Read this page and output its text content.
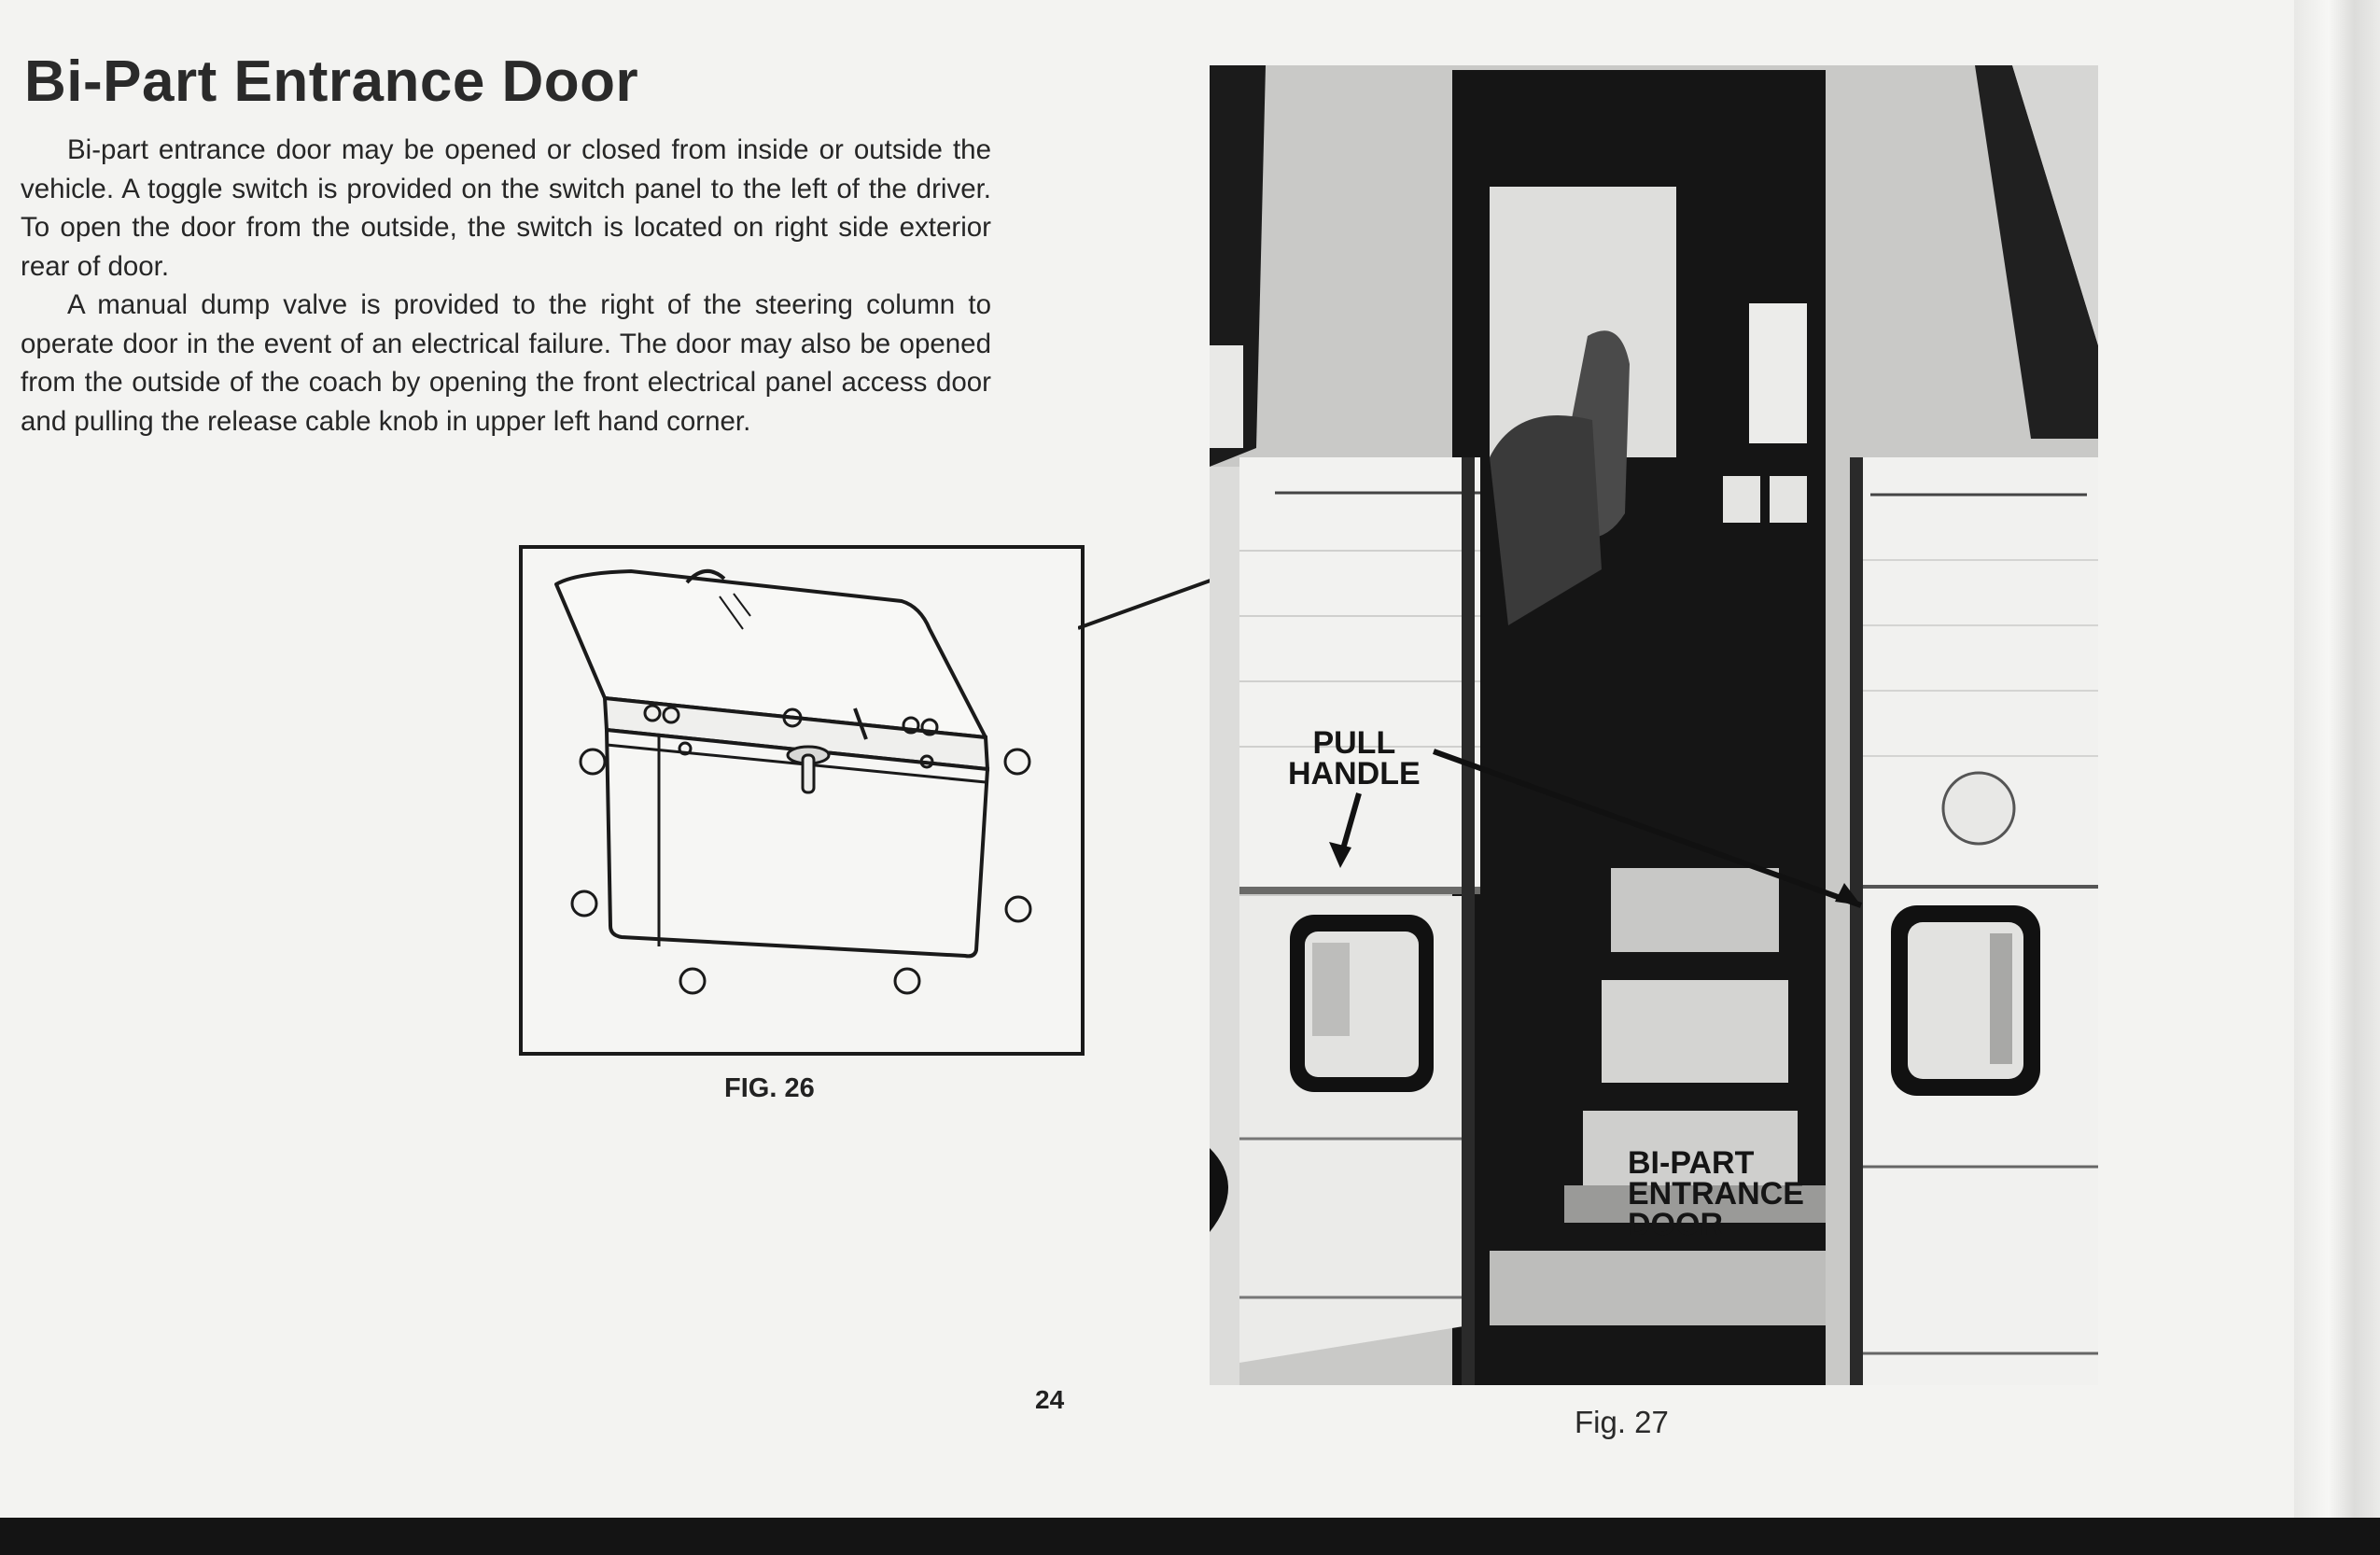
Bi-Part Entrance Door

Bi-part entrance door may be opened or closed from inside or outside the vehicle. A toggle switch is provided on the switch panel to the left of the driver. To open the door from the outside, the switch is located on right side exterior rear of door.

A manual dump valve is provided to the right of the steering column to operate door in the event of an electrical failure. The door may also be opened from the outside of the coach by opening the front electrical panel access door and pulling the release cable knob in upper left hand corner.

FIG. 26
PULL
HANDLE
BI-PART
ENTRANCE
DOOR
Fig. 27
24
